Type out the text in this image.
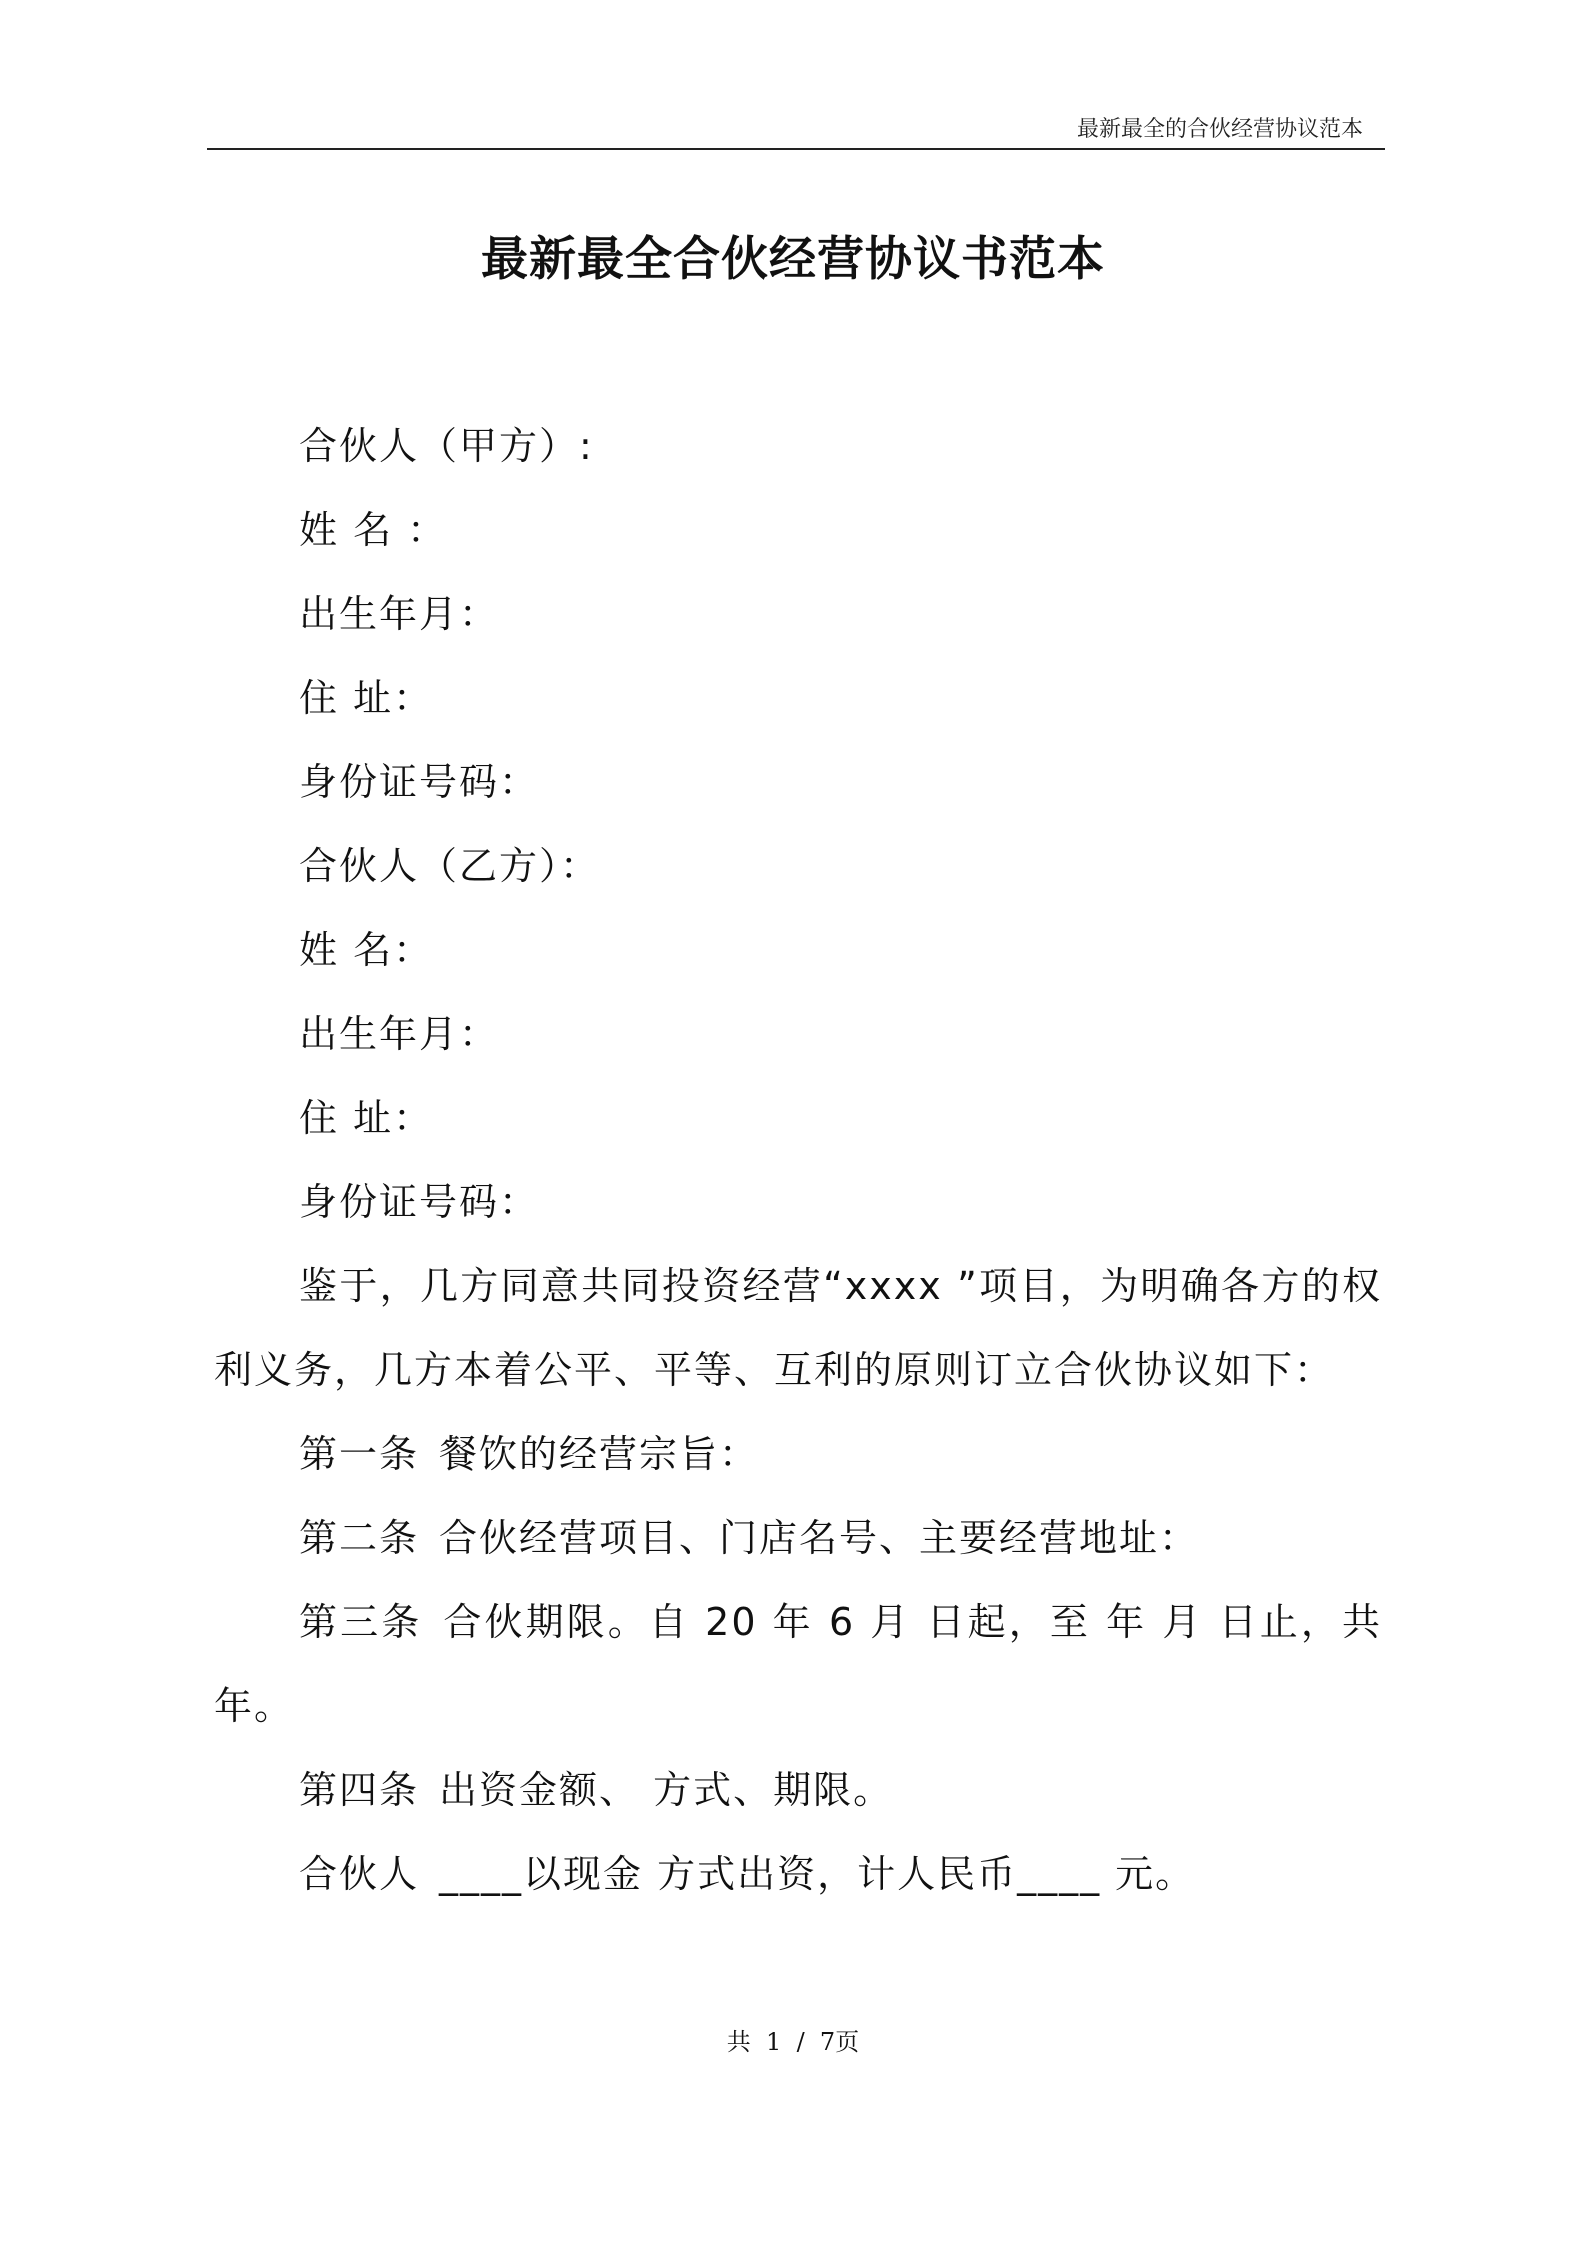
最新最全的合伙经营协议范本
最新最全合伙经营协议书范本
合伙人（甲方）:
姓 名 ：
出生年月：
住 址：
身份证号码：
合伙人（乙方）：
姓 名：
出生年月：
住 址：
身份证号码：
鉴于，几方同意共同投资经营“xxxx ”项目，为明确各方的权利义务，几方本着公平、平等、互利的原则订立合伙协议如下：
第一条 餐饮的经营宗旨：
第二条 合伙经营项目、门店名号、主要经营地址：
第三条 合伙期限。自 20 年 6 月 日起，至 年 月 日止，共 年。
第四条 出资金额、 方式、期限。
合伙人 ____以现金 方式出资，计人民币____ 元。
共  1  /  7页
